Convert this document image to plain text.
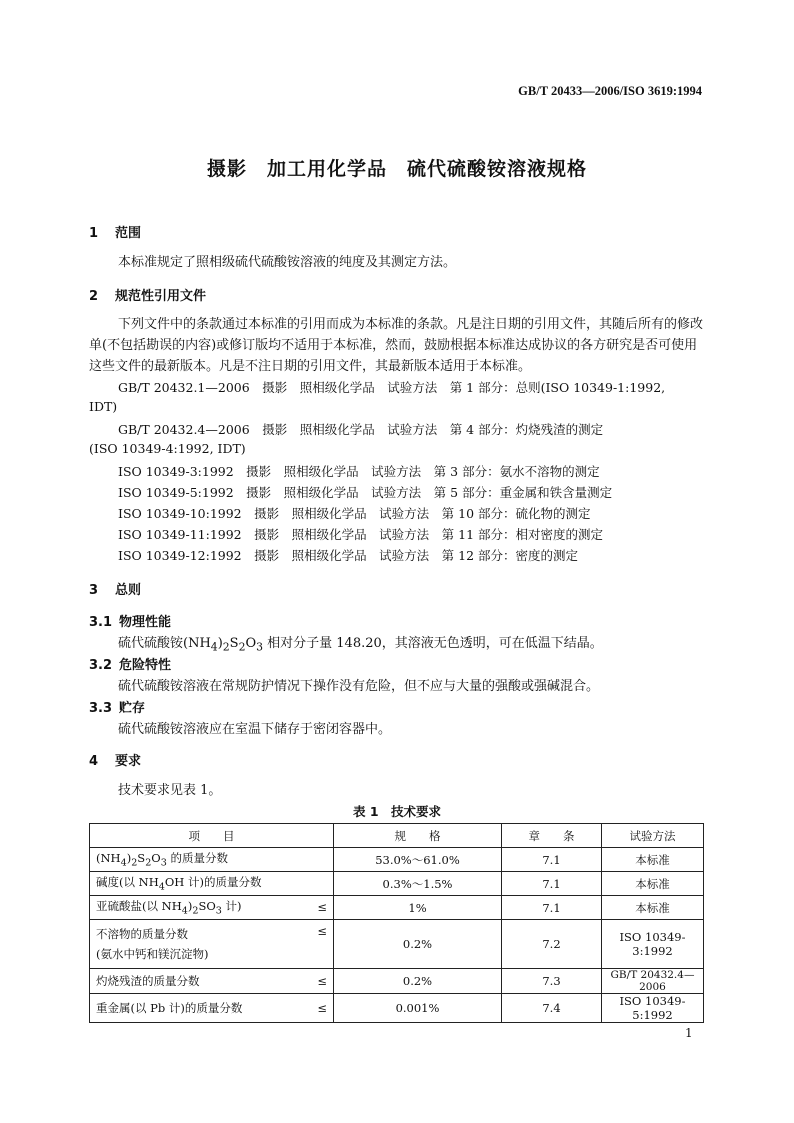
GB/T 20433—2006/ISO 3619:1994
摄影　加工用化学品　硫代硫酸铵溶液规格
1 范围
本标准规定了照相级硫代硫酸铵溶液的纯度及其测定方法。
2 规范性引用文件
下列文件中的条款通过本标准的引用而成为本标准的条款。凡是注日期的引用文件，其随后所有的修改单(不包括勘误的内容)或修订版均不适用于本标准，然而，鼓励根据本标准达成协议的各方研究是否可使用这些文件的最新版本。凡是不注日期的引用文件，其最新版本适用于本标准。
GB/T 20432.1—2006　摄影　照相级化学品　试验方法　第 1 部分：总则(ISO 10349-1:1992,
IDT)
GB/T 20432.4—2006　摄影　照相级化学品　试验方法　第 4 部分：灼烧残渣的测定
(ISO 10349-4:1992, IDT)
ISO 10349-3:1992　摄影　照相级化学品　试验方法　第 3 部分：氨水不溶物的测定
ISO 10349-5:1992　摄影　照相级化学品　试验方法　第 5 部分：重金属和铁含量测定
ISO 10349-10:1992　摄影　照相级化学品　试验方法　第 10 部分：硫化物的测定
ISO 10349-11:1992　摄影　照相级化学品　试验方法　第 11 部分：相对密度的测定
ISO 10349-12:1992　摄影　照相级化学品　试验方法　第 12 部分：密度的测定
3 总则
3.1 物理性能
硫代硫酸铵$(NH_4)_2S_2O_3$ 相对分子量 148.20，其溶液无色透明，可在低温下结晶。
3.2 危险特性
硫代硫酸铵溶液在常规防护情况下操作没有危险，但不应与大量的强酸或强碱混合。
3.3 贮存
硫代硫酸铵溶液应在室温下储存于密闭容器中。
4 要求
技术要求见表 1。
表 1　技术要求
项　　目	规　　格	章　　条	试验方法
$(NH_4)_2S_2O_3$ 的质量分数	53.0%～61.0%	7.1	本标准
碱度(以 $NH_4OH$ 计)的质量分数	0.3%～1.5%	7.1	本标准

亚硫酸盐(以 $NH_4)_2SO_3$ 计) ≤	1%	7.1	本标准

不溶物的质量分数
(氨水中钙和镁沉淀物)
≤	0.2%	7.2	ISO 10349-3:1992

灼烧残渣的质量分数 ≤	0.2%	7.3	GB/T 20432.4—2006

重金属(以 Pb 计)的质量分数 ≤	0.001%	7.4	ISO 10349-5:1992
1
